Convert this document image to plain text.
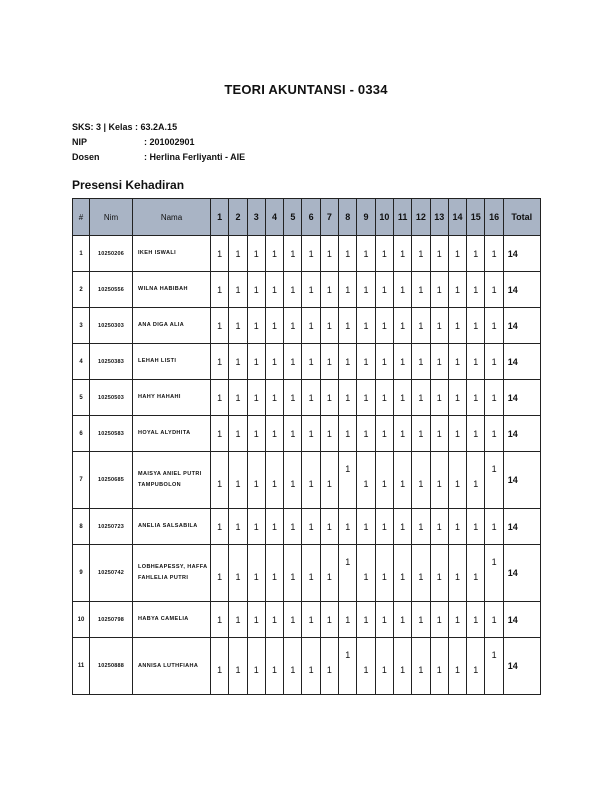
TEORI AKUNTANSI - 0334
SKS: 3 | Kelas : 63.2A.15
NIP	: 201002901
Dosen	: Herlina Ferliyanti - AIE
Presensi Kehadiran
#	Nim	Nama	1	2	3	4	5	6	7	8	9	10	11	12	13	14	15	16	Total
1	10250206	IKEH ISWALI	1	1	1	1	1	1	1	1	1	1	1	1	1	1	1	1	14
2	10250556	WILNA HABIBAH	1	1	1	1	1	1	1	1	1	1	1	1	1	1	1	1	14
3	10250303	ANA DIGA ALIA	1	1	1	1	1	1	1	1	1	1	1	1	1	1	1	1	14
4	10250383	LEHAH LISTI	1	1	1	1	1	1	1	1	1	1	1	1	1	1	1	1	14
5	10250503	HAHY HAHAHI	1	1	1	1	1	1	1	1	1	1	1	1	1	1	1	1	14
6	10250583	HOYAL ALYDHITA	1	1	1	1	1	1	1	1	1	1	1	1	1	1	1	1	14
7	10250685	MAISYA ANIEL PUTRI TAMPUBOLON	1	1	1	1	1	1	1	1	1	1	1	1	1	1	1	1	14
8	10250723	ANELIA SALSABILA	1	1	1	1	1	1	1	1	1	1	1	1	1	1	1	1	14
9	10250742	LOBHEAPESSY, HAFFA FAHLELIA PUTRI	1	1	1	1	1	1	1	1	1	1	1	1	1	1	1	1	14
10	10250798	HABYA CAMELIA	1	1	1	1	1	1	1	1	1	1	1	1	1	1	1	1	14
11	10250888	ANNISA LUTHFIAHA	1	1	1	1	1	1	1	1	1	1	1	1	1	1	1	1	14
